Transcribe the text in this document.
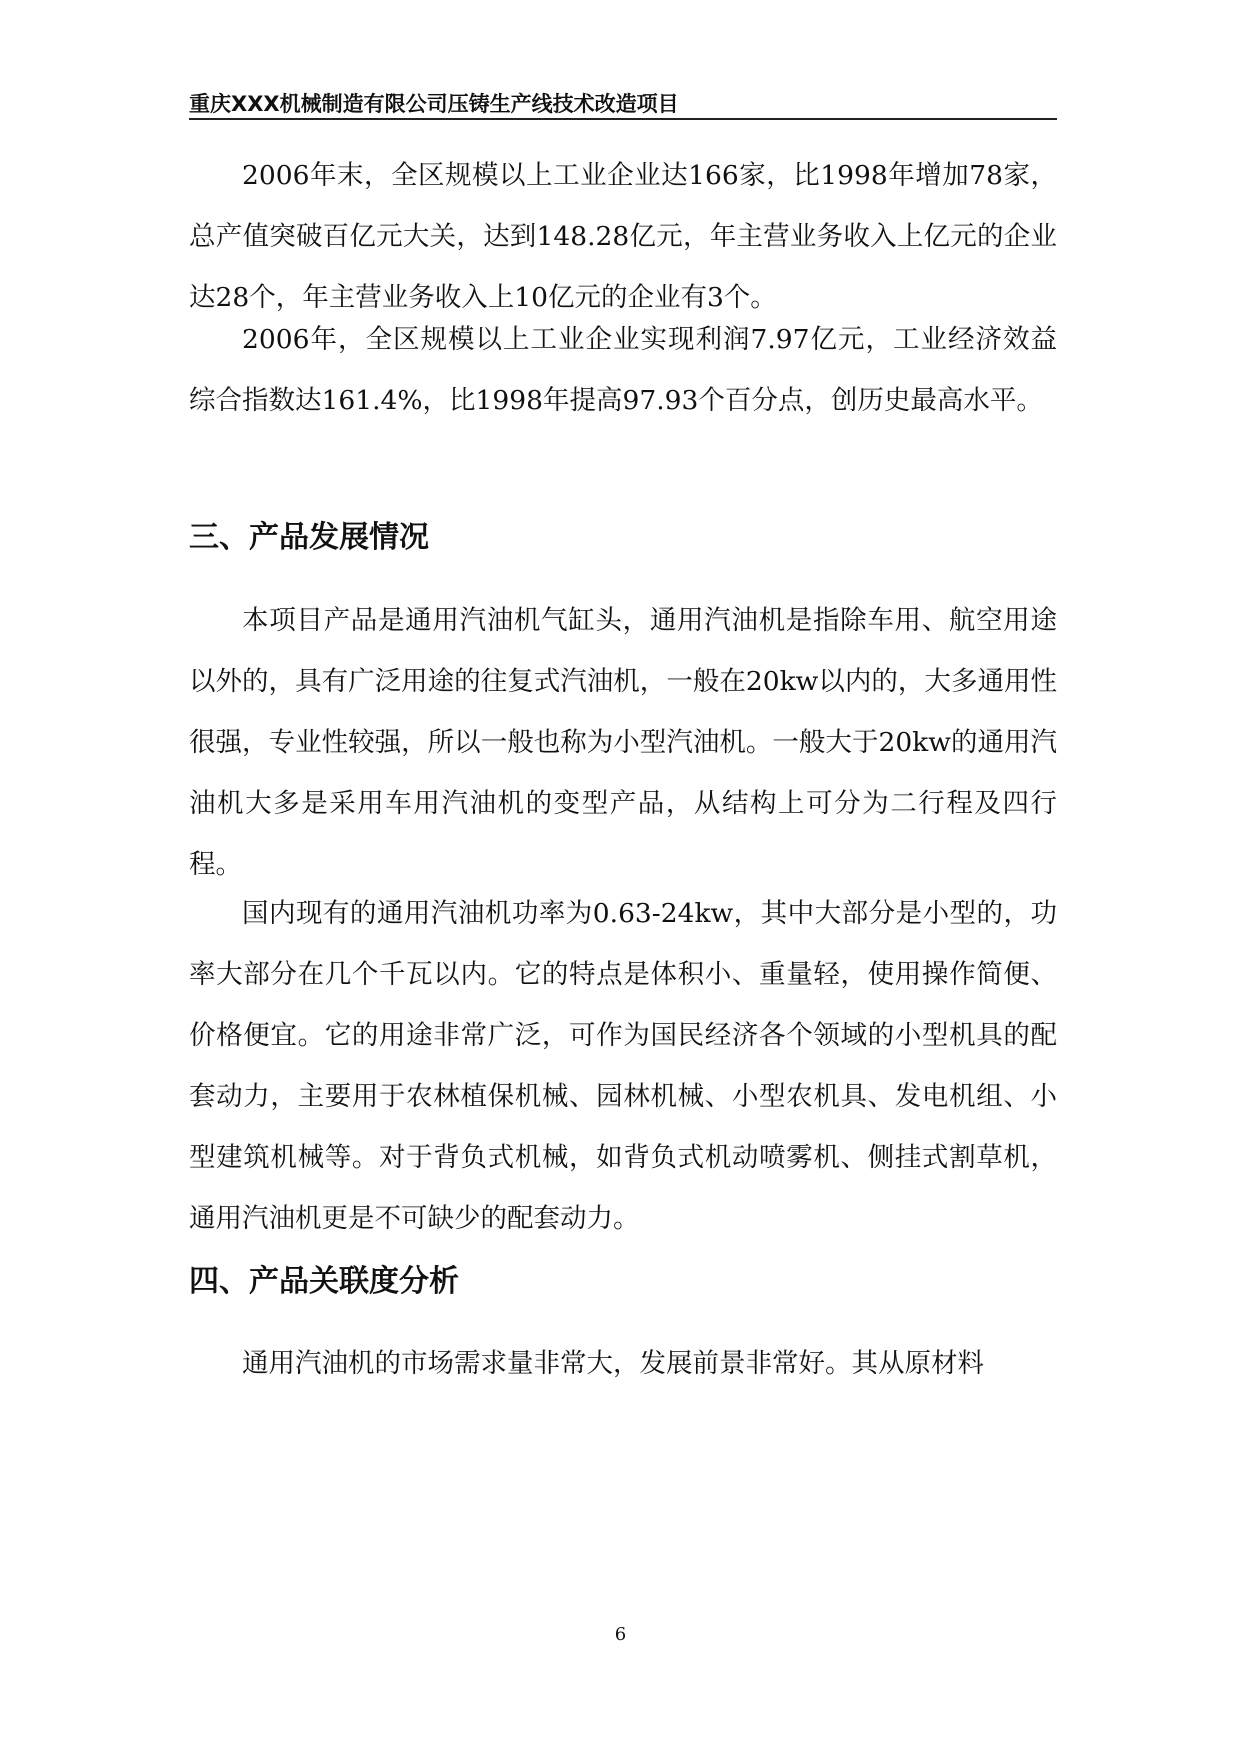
重庆XXX机械制造有限公司压铸生产线技术改造项目

2006年末，全区规模以上工业企业达166家，比1998年增加78家，总产值突破百亿元大关，达到148.28亿元，年主营业务收入上亿元的企业达28个，年主营业务收入上10亿元的企业有3个。

2006年，全区规模以上工业企业实现利润7.97亿元，工业经济效益综合指数达161.4%，比1998年提高97.93个百分点，创历史最高水平。

三、产品发展情况

本项目产品是通用汽油机气缸头，通用汽油机是指除车用、航空用途以外的，具有广泛用途的往复式汽油机，一般在20kw以内的，大多通用性很强，专业性较强，所以一般也称为小型汽油机。一般大于20kw的通用汽油机大多是采用车用汽油机的变型产品，从结构上可分为二行程及四行程。

国内现有的通用汽油机功率为0.63-24kw，其中大部分是小型的，功率大部分在几个千瓦以内。它的特点是体积小、重量轻，使用操作简便、价格便宜。它的用途非常广泛，可作为国民经济各个领域的小型机具的配套动力，主要用于农林植保机械、园林机械、小型农机具、发电机组、小型建筑机械等。对于背负式机械，如背负式机动喷雾机、侧挂式割草机，通用汽油机更是不可缺少的配套动力。

四、产品关联度分析

通用汽油机的市场需求量非常大，发展前景非常好。其从原材料

6
